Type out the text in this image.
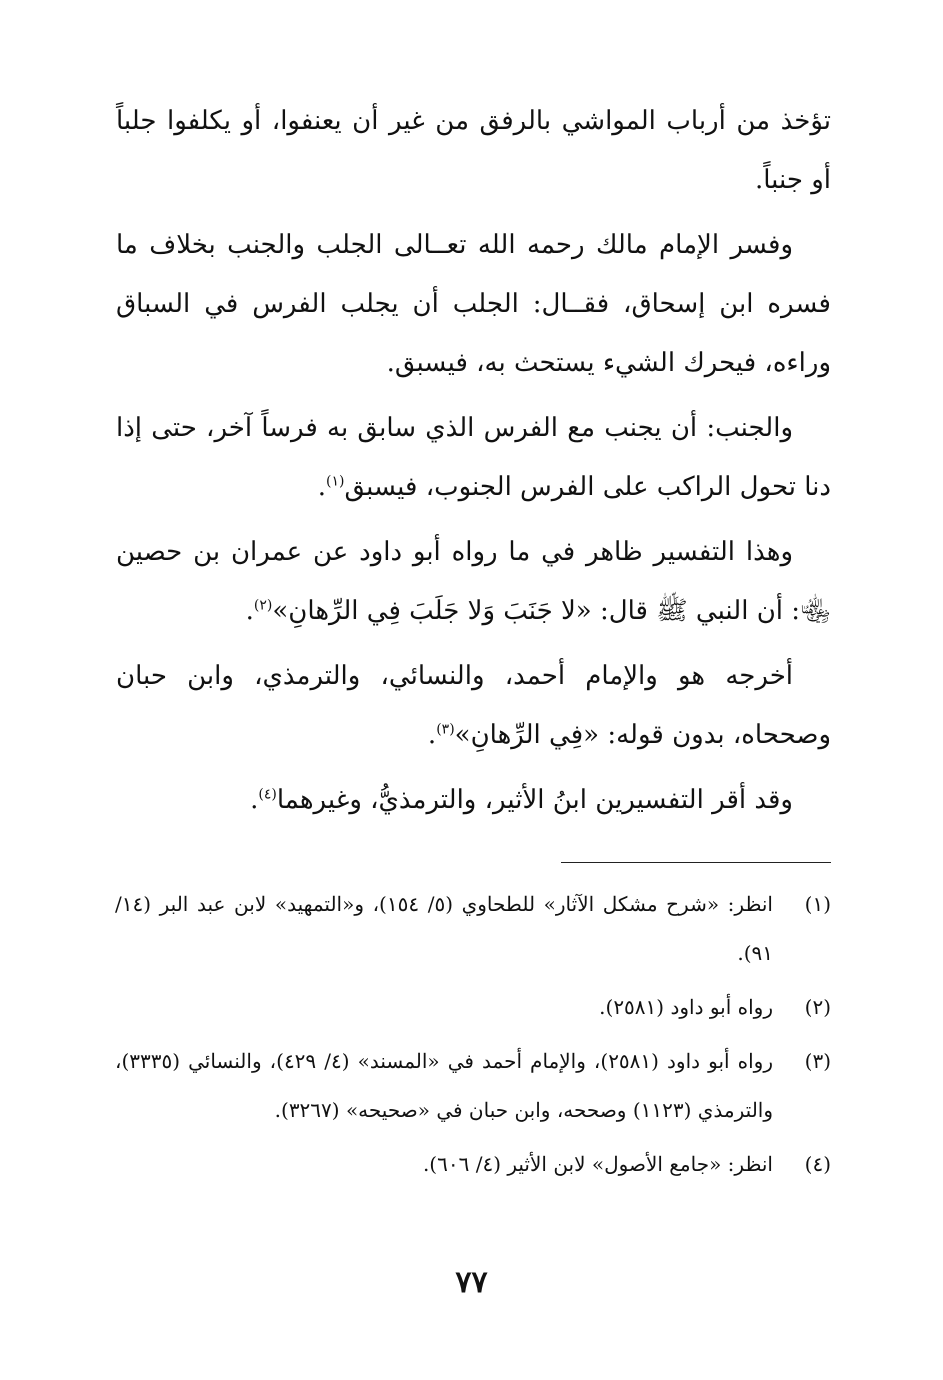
تؤخذ من أرباب المواشي بالرفق من غير أن يعنفوا، أو يكلفوا جلباً أو جنباً.

وفسر الإمام مالك رحمه الله تعــالى الجلب والجنب بخلاف ما فسره ابن إسحاق، فقــال: الجلب أن يجلب الفرس في السباق وراءه، فيحرك الشيء يستحث به، فيسبق.

والجنب: أن يجنب مع الفرس الذي سابق به فرساً آخر، حتى إذا دنا تحول الراكب على الفرس الجنوب، فيسبق$^{(١)}$.

وهذا التفسير ظاهر في ما رواه أبو داود عن عمران بن حصين ﵄: أن النبي ﷺ قال: «لا جَنَبَ وَلا جَلَبَ فِي الرِّهانِ»$^{(٢)}$.

أخرجه هو والإمام أحمد، والنسائي، والترمذي، وابن حبان وصححاه، بدون قوله: «فِي الرِّهانِ»$^{(٣)}$.

وقد أقر التفسيرين ابنُ الأثير، والترمذيُّ، وغيرهما$^{(٤)}$.

(١)
انظر: «شرح مشكل الآثار» للطحاوي (٥/ ١٥٤)، و«التمهيد» لابن عبد البر (١٤/ ٩١).
(٢)
رواه أبو داود (٢٥٨١).
(٣)
رواه أبو داود (٢٥٨١)، والإمام أحمد في «المسند» (٤/ ٤٢٩)، والنسائي (٣٣٣٥)، والترمذي (١١٢٣) وصححه، وابن حبان في «صحيحه» (٣٢٦٧).
(٤)
انظر: «جامع الأصول» لابن الأثير (٤/ ٦٠٦).
٧٧
